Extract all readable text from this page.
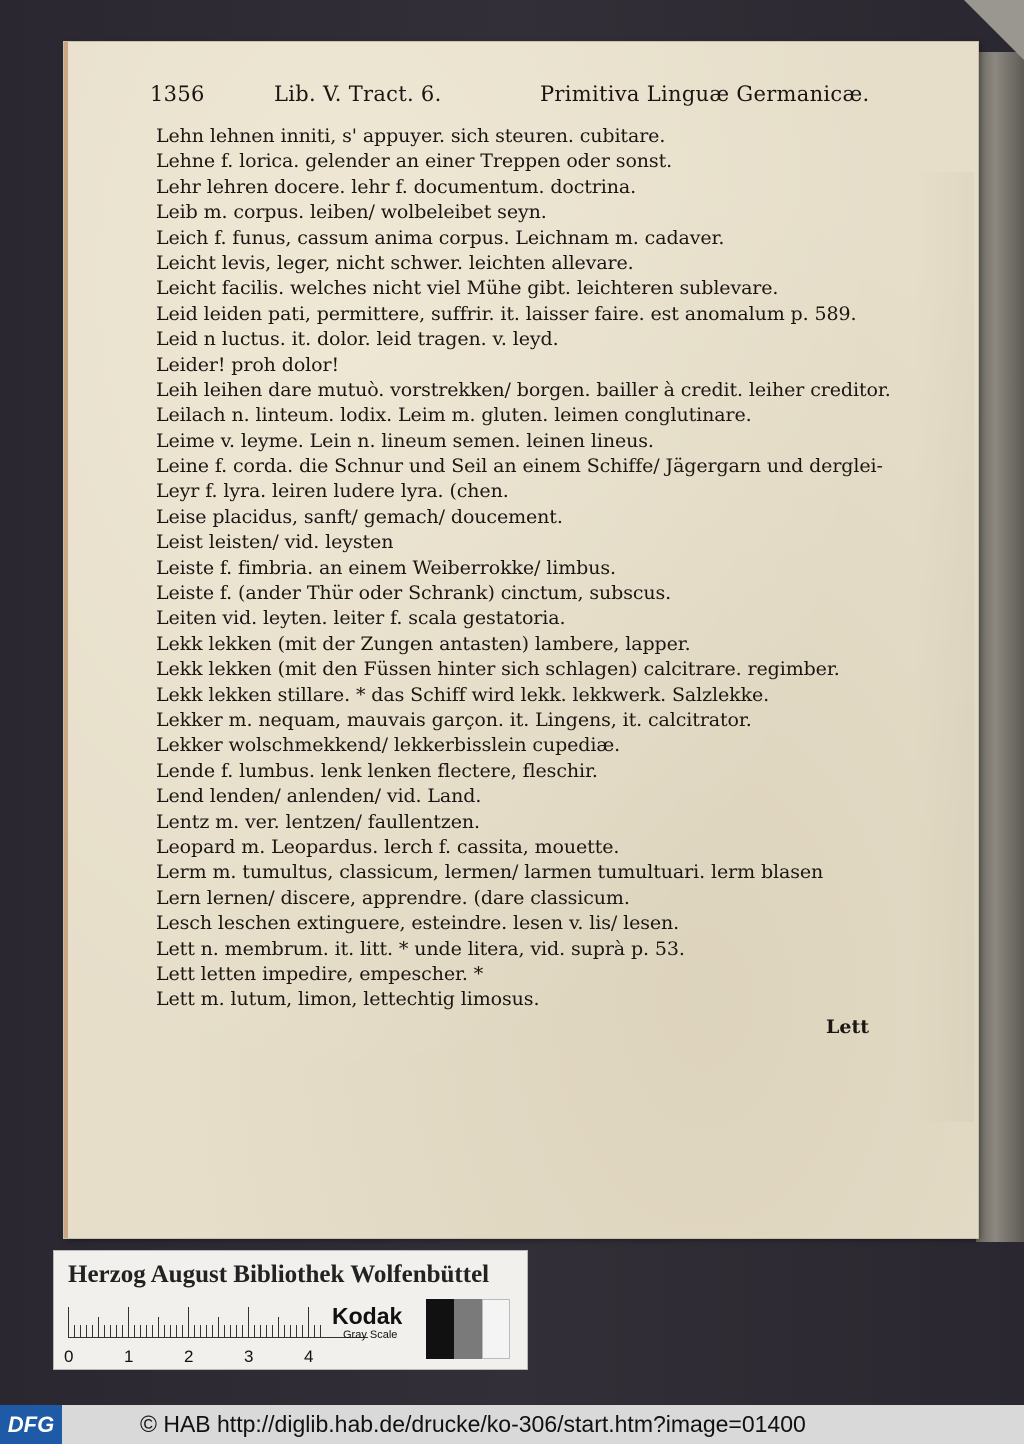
1356	Lib. V. Tract. 6.	Primitiva Linguæ Germanicæ.
Lehn lehnen inniti, s' appuyer. sich steuren. cubitare.
Lehne f. lorica. gelender an einer Treppen oder sonst.
Lehr lehren docere. lehr f. documentum. doctrina.
Leib m. corpus. leiben/ wolbeleibet seyn.
Leich f. funus, cassum anima corpus. Leichnam m. cadaver.
Leicht levis, leger, nicht schwer. leichten allevare.
Leicht facilis. welches nicht viel Mühe gibt. leichteren sublevare.
Leid leiden pati, permittere, suffrir. it. laisser faire. est anomalum p. 589.
Leid n luctus. it. dolor. leid tragen. v. leyd.
Leider! proh dolor!
Leih leihen dare mutuò. vorstrekken/ borgen. bailler à credit. leiher creditor.
Leilach n. linteum. lodix. Leim m. gluten. leimen conglutinare.
Leime v. leyme. Lein n. lineum semen. leinen lineus.
Leine f. corda. die Schnur und Seil an einem Schiffe/ Jägergarn und derglei-
Leyr f. lyra. leiren ludere lyra. (chen.
Leise placidus, sanft/ gemach/ doucement.
Leist leisten/ vid. leysten
Leiste f. fimbria. an einem Weiberrokke/ limbus.
Leiste f. (ander Thür oder Schrank) cinctum, subscus.
Leiten vid. leyten. leiter f. scala gestatoria.
Lekk lekken (mit der Zungen antasten) lambere, lapper.
Lekk lekken (mit den Füssen hinter sich schlagen) calcitrare. regimber.
Lekk lekken stillare. * das Schiff wird lekk. lekkwerk. Salzlekke.
Lekker m. nequam, mauvais garçon. it. Lingens, it. calcitrator.
Lekker wolschmekkend/ lekkerbisslein cupediæ.
Lende f. lumbus. lenk lenken flectere, fleschir.
Lend lenden/ anlenden/ vid. Land.
Lentz m. ver. lentzen/ faullentzen.
Leopard m. Leopardus. lerch f. cassita, mouette.
Lerm m. tumultus, classicum, lermen/ larmen tumultuari. lerm blasen
Lern lernen/ discere, apprendre. (dare classicum.
Lesch leschen extinguere, esteindre. lesen v. lis/ lesen.
Lett n. membrum. it. litt. * unde litera, vid. suprà p. 53.
Lett letten impedire, empescher. *
Lett m. lutum, limon, lettechtig limosus.
Lett
Herzog August Bibliothek Wolfenbüttel
0	1	2	3	4
Kodak
Gray Scale
DFG	© HAB http://diglib.hab.de/drucke/ko-306/start.htm?image=01400
